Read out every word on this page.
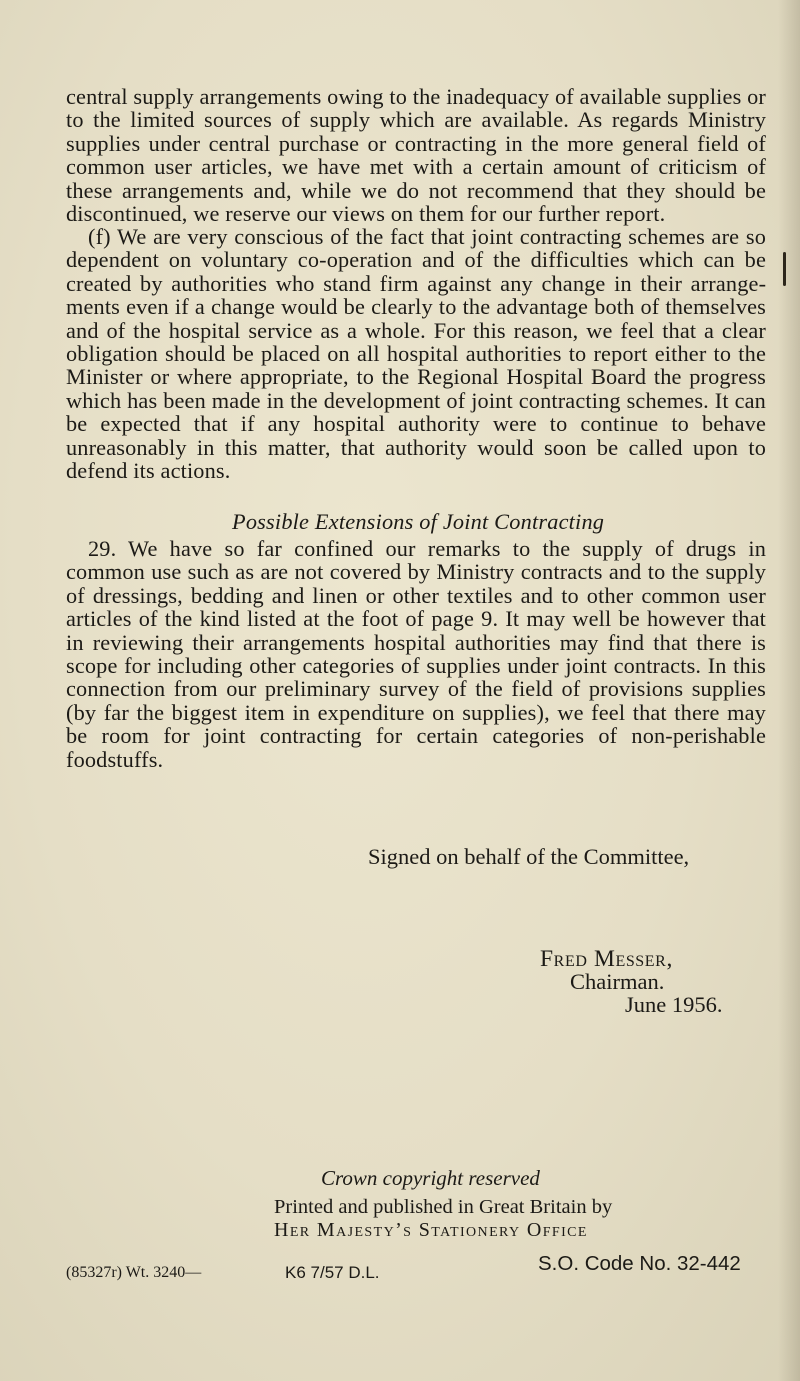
central supply arrangements owing to the inadequacy of available supplies or to the limited sources of supply which are available. As regards Ministry supplies under central purchase or contracting in the more general field of common user articles, we have met with a certain amount of criticism of these arrangements and, while we do not recommend that they should be discontinued, we reserve our views on them for our further report.

(f) We are very conscious of the fact that joint contracting schemes are so dependent on voluntary co-operation and of the difficulties which can be created by authorities who stand firm against any change in their arrangements even if a change would be clearly to the advantage both of themselves and of the hospital service as a whole. For this reason, we feel that a clear obligation should be placed on all hospital authorities to report either to the Minister or where appropriate, to the Regional Hospital Board the progress which has been made in the development of joint contracting schemes. It can be expected that if any hospital authority were to continue to behave unreasonably in this matter, that authority would soon be called upon to defend its actions.

Possible Extensions of Joint Contracting

29. We have so far confined our remarks to the supply of drugs in common use such as are not covered by Ministry contracts and to the supply of dressings, bedding and linen or other textiles and to other common user articles of the kind listed at the foot of page 9. It may well be however that in reviewing their arrangements hospital authorities may find that there is scope for including other categories of supplies under joint contracts. In this connection from our preliminary survey of the field of provisions supplies (by far the biggest item in expenditure on supplies), we feel that there may be room for joint contracting for certain categories of non-perishable foodstuffs.

Signed on behalf of the Committee,
Fred Messer,
Chairman.
June 1956.
Crown copyright reserved
Printed and published in Great Britain by
Her Majesty’s Stationery Office
S.O. Code No. 32-442
(85327r) Wt. 3240—	K6 7/57 D.L.
